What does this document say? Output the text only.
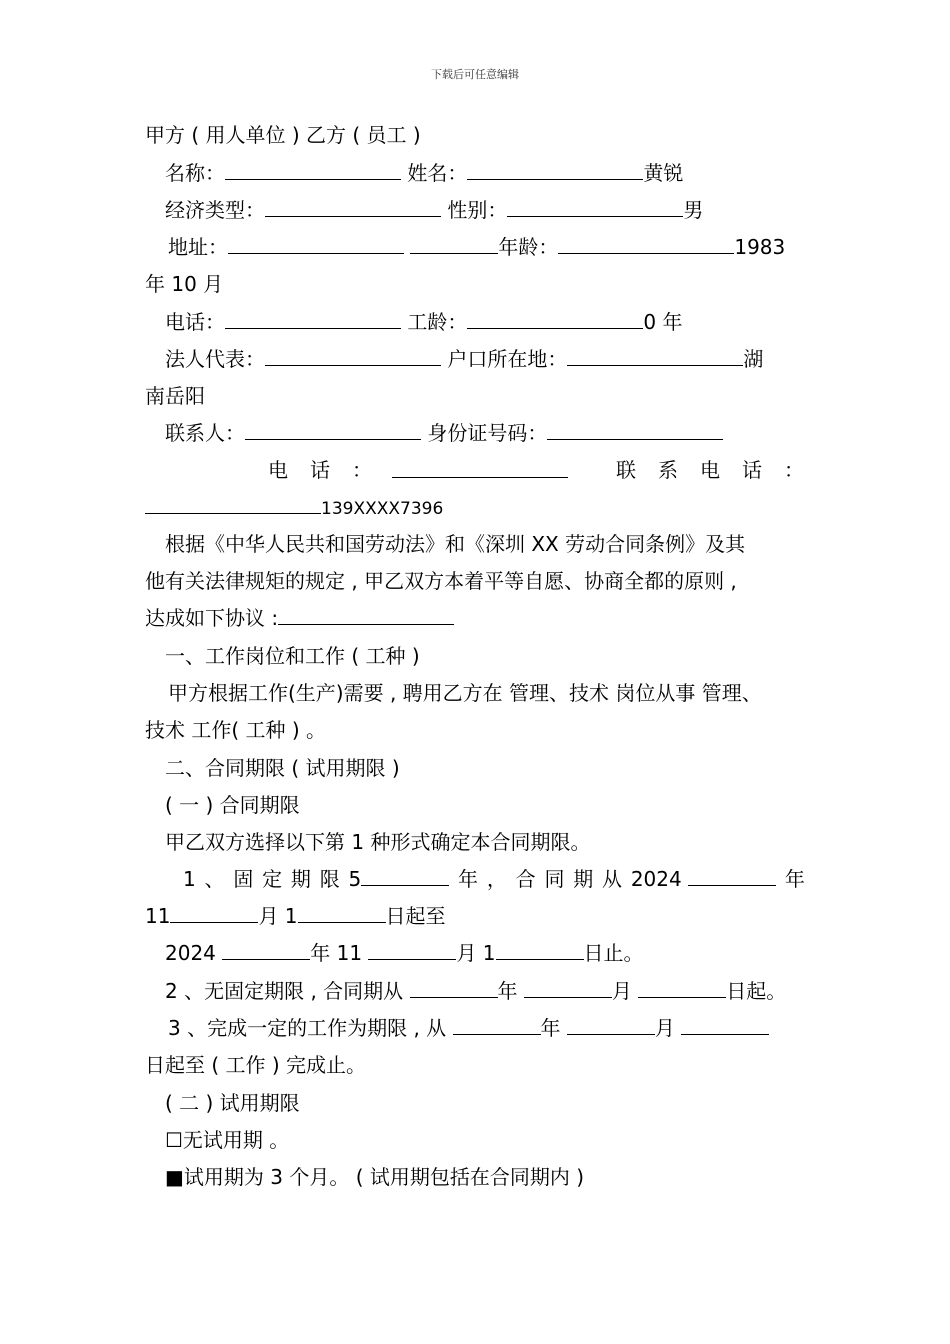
下载后可任意编辑
甲方 ( 用人单位 ) 乙方 ( 员工 )
名称：	姓名：	黄锐
经济类型：	性别：	男
地址：	年龄：	1983
年 10 月
电话：	工龄：	0 年
法人代表：	户口所在地：	湖
南岳阳
联系人：	身份证号码：
电 话 ：	联 系 电 话 ：
139XXXX7396
根据《中华人民共和国劳动法》和《深圳 XX 劳动合同条例》及其
他有关法律规矩的规定 , 甲乙双方本着平等自愿、协商全都的原则 ,
达成如下协议 :
一、工作岗位和工作 ( 工种 )
甲方根据工作(生产)需要 , 聘用乙方在 管理、技术 岗位从事 管理、
技术 工作( 工种 ) 。
二、合同期限 ( 试用期限 )
( 一 ) 合同期限
甲乙双方选择以下第 1 种形式确定本合同期限。
1 、 固 定 期 限 5	年 ， 合 同 期 从 2024	年
11	月 1	日起至
2024	年 11	月 1	日止。
2 、无固定期限 , 合同期从	年	月	日起。
3 、完成一定的工作为期限 , 从	年	月
日起至 ( 工作 ) 完成止。
( 二 ) 试用期限
☐无试用期 。
■试用期为 3 个月。 ( 试用期包括在合同期内 )
